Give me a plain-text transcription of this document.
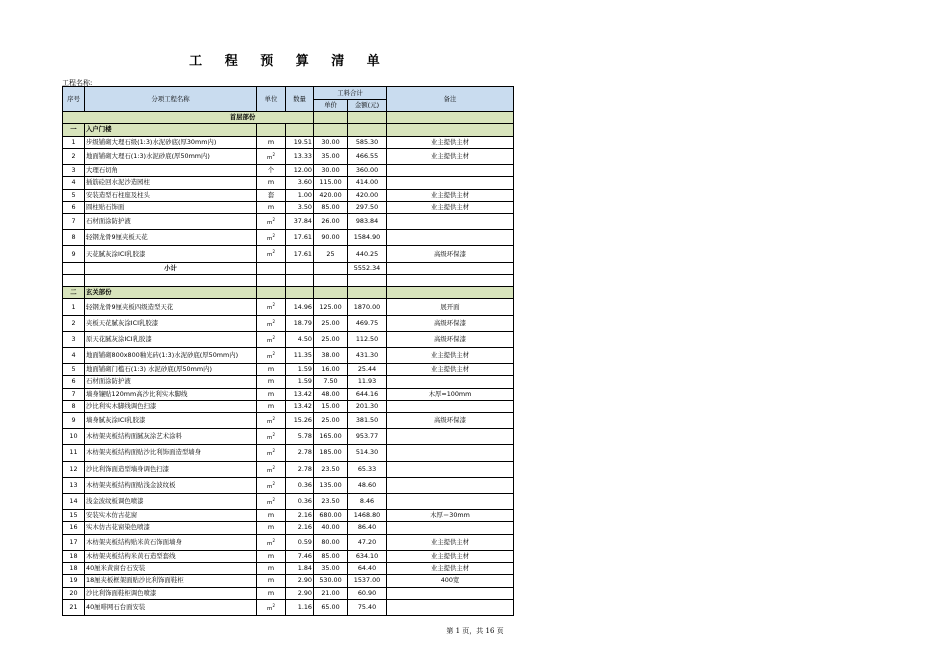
工 程 预 算 清 单
工程名称:
序号	分项工程名称	单位	数量	工料合计		备注
				单价	金额(元)	
首层部份						
一	入户门楼					
1	步级铺砌大理石级(1:3)水泥砂底(厚30mm内)	m	19.51	30.00	585.30	业主提供主材
2	地面铺砌大理石(1:3)水泥砂底(厚50mm内)	$m^2$	13.33	35.00	466.55	业主提供主材
3	大理石切角	个	12.00	30.00	360.00	
4	插筋砼回水泥沙造园柱	m	3.60	115.00	414.00	
5	安装造型石柱座及柱头	套	1.00	420.00	420.00	业主提供主材
6	圆柱贴石饰面	m	3.50	85.00	297.50	业主提供主材
7	石材面涂防护液	$m^2$	37.84	26.00	983.84	
8	轻钢龙骨9厘夹板天花	$m^2$	17.61	90.00	1584.90	
9	天花腻灰涂ICI乳胶漆	$m^2$	17.61	25	440.25	高级环保漆
	小计				5552.34	

二	玄关部份					
1	轻钢龙骨9厘夹板四级造型天花	$m^2$	14.96	125.00	1870.00	展开面
2	夹板天花腻灰涂ICI乳胶漆	$m^2$	18.79	25.00	469.75	高级环保漆
3	原天花腻灰涂ICI乳胶漆	$m^2$	4.50	25.00	112.50	高级环保漆
4	地面铺砌800x800釉光砖(1:3)水泥砂底(厚50mm内)	$m^2$	11.35	38.00	431.30	业主提供主材
5	地面铺砌门槛石(1:3) 水泥砂底(厚50mm内)	m	1.59	16.00	25.44	业主提供主材
6	石材面涂防护液	m	1.59	7.50	11.93	
7	墙身镶贴120mm高沙比利实木脚线	m	13.42	48.00	644.16	木厚=100mm
8	沙比利实木脚线调色扫漆	m	13.42	15.00	201.30	
9	墙身腻灰涂ICI乳胶漆	$m^2$	15.26	25.00	381.50	高级环保漆
10	木枋架夹板结构面腻灰涂艺术涂料	$m^2$	5.78	165.00	953.77	
11	木枋架夹板结构面贴沙比利饰面造型墙身	$m^2$	2.78	185.00	514.30	
12	沙比利饰面造型墙身调色扫漆	$m^2$	2.78	23.50	65.33	
13	木枋架夹板结构面贴浅金波纹板	$m^2$	0.36	135.00	48.60	
14	浅金波纹板调色喷漆	$m^2$	0.36	23.50	8.46	
15	安装实木仿古花窗	m	2.16	680.00	1468.80	木厚＝30mm
16	实木仿古花窗染色喷漆	m	2.16	40.00	86.40	
17	木枋架夹板结构贴米黄石饰面墙身	$m^2$	0.59	80.00	47.20	业主提供主材
18	木枋架夹板结构米黄石造型套线	m	7.46	85.00	634.10	业主提供主材
18	40厘米黄窗台石安装	m	1.84	35.00	64.40	业主提供主材
19	18厘夹板框架面贴沙比利饰面鞋柜	m	2.90	530.00	1537.00	400宽
20	沙比利饰面鞋柜调色喷漆	m	2.90	21.00	60.90	
21	40厘啡网石台面安装	$m^2$	1.16	65.00	75.40	
第 1 页，共 16 页
